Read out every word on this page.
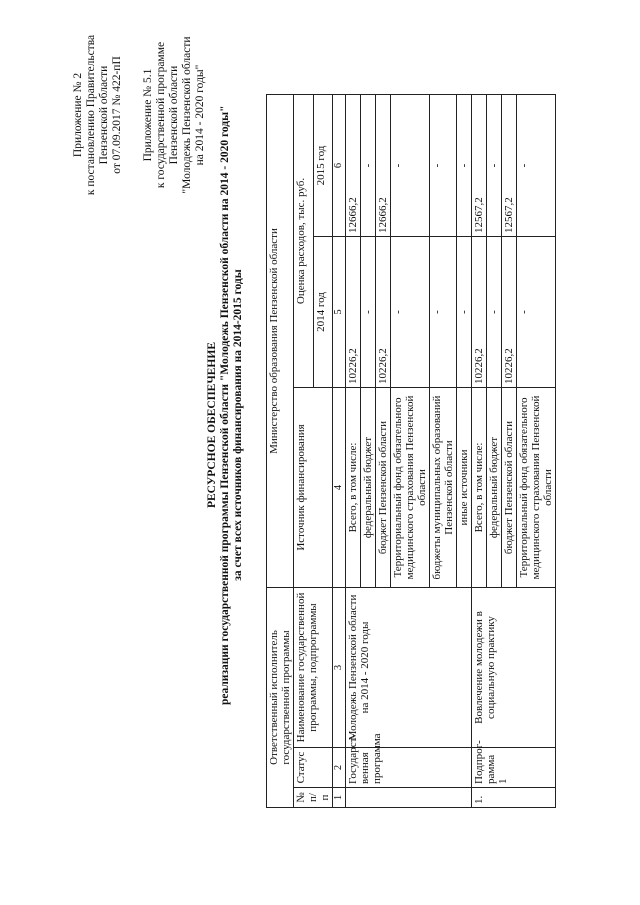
Приложение № 2 к постановлению Правительства Пензенской области от 07.09.2017 № 422-пП Приложение № 5.1 к государственной программе Пензенской области "Молодежь Пензенской области на 2014 - 2020 годы"
РЕСУРСНОЕ ОБЕСПЕЧЕНИЕ реализации государственной программы Пензенской области "Молодежь Пензенской области на 2014 - 2020 годы" за счет всех источников финансирования на 2014-2015 годы
Ответственный исполнитель государственной программы			Министерство образования Пензенской области		
№ п/п	Статус	Наименование государственной программы, подпрограммы	Источник финансирования	Оценка расходов, тыс. руб.	
				2014 год	2015 год
1	2	3	4	5	6
	Государст-венная программа	Молодежь Пензенской области на 2014 - 2020 годы	Всего, в том числе:	10226,2	12666,2
			федеральный бюджет	-	-
			бюджет Пензенской области	10226,2	12666,2
			Территориальный фонд обязательного медицинского страхования Пензенской области	-	-
			бюджеты муниципальных образований Пензенской области	-	-
			иные источники	-	-
1.	Подпрог-рамма 1	Вовлечение молодежи в социальную практику	Всего, в том числе:	10226,2	12567,2
			федеральный бюджет	-	-
			бюджет Пензенской области	10226,2	12567,2
			Территориальный фонд обязательного медицинского страхования Пензенской области	-	-
